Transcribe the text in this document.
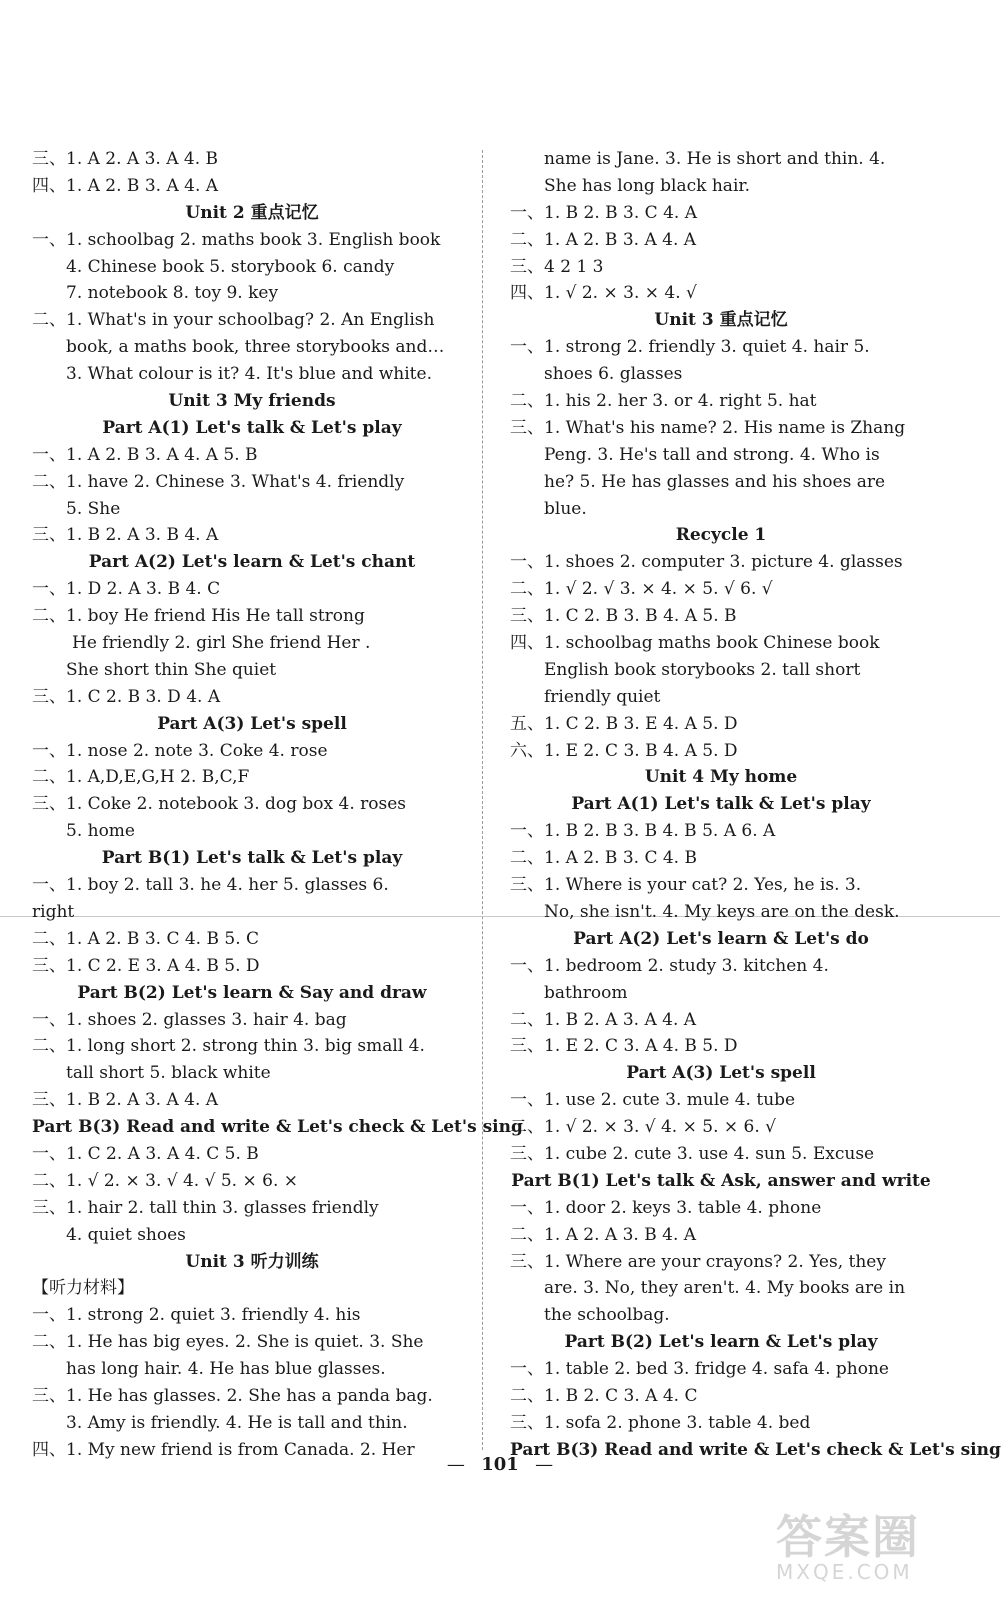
三、1. A 2. A 3. A 4. B
四、1. A 2. B 3. A 4. A
Unit 2 重点记忆
一、1. schoolbag 2. maths book 3. English book
4. Chinese book 5. storybook 6. candy
7. notebook 8. toy 9. key
二、1. What's in your schoolbag? 2. An English
book, a maths book, three storybooks and…
3. What colour is it? 4. It's blue and white.
Unit 3 My friends
Part A(1) Let's talk & Let's play
一、1. A 2. B 3. A 4. A 5. B
二、1. have 2. Chinese 3. What's 4. friendly
5. She
三、1. B 2. A 3. B 4. A
Part A(2) Let's learn & Let's chant
一、1. D 2. A 3. B 4. C
二、1. boy He friend His He tall strong
He friendly 2. girl She friend Her .
She short thin She quiet
三、1. C 2. B 3. D 4. A
Part A(3) Let's spell
一、1. nose 2. note 3. Coke 4. rose
二、1. A,D,E,G,H 2. B,C,F
三、1. Coke 2. notebook 3. dog box 4. roses
5. home
Part B(1) Let's talk & Let's play
一、1. boy 2. tall 3. he 4. her 5. glasses 6.
right
二、1. A 2. B 3. C 4. B 5. C
三、1. C 2. E 3. A 4. B 5. D
Part B(2) Let's learn & Say and draw
一、1. shoes 2. glasses 3. hair 4. bag
二、1. long short 2. strong thin 3. big small 4.
tall short 5. black white
三、1. B 2. A 3. A 4. A
Part B(3) Read and write & Let's check & Let's sing
一、1. C 2. A 3. A 4. C 5. B
二、1. √ 2. × 3. √ 4. √ 5. × 6. ×
三、1. hair 2. tall thin 3. glasses friendly
4. quiet shoes
Unit 3 听力训练
【听力材料】
一、1. strong 2. quiet 3. friendly 4. his
二、1. He has big eyes. 2. She is quiet. 3. She
has long hair. 4. He has blue glasses.
三、1. He has glasses. 2. She has a panda bag.
3. Amy is friendly. 4. He is tall and thin.
四、1. My new friend is from Canada. 2. Her
name is Jane. 3. He is short and thin. 4.
She has long black hair.
一、1. B 2. B 3. C 4. A
二、1. A 2. B 3. A 4. A
三、4 2 1 3
四、1. √ 2. × 3. × 4. √
Unit 3 重点记忆
一、1. strong 2. friendly 3. quiet 4. hair 5.
shoes 6. glasses
二、1. his 2. her 3. or 4. right 5. hat
三、1. What's his name? 2. His name is Zhang
Peng. 3. He's tall and strong. 4. Who is
he? 5. He has glasses and his shoes are
blue.
Recycle 1
一、1. shoes 2. computer 3. picture 4. glasses
二、1. √ 2. √ 3. × 4. × 5. √ 6. √
三、1. C 2. B 3. B 4. A 5. B
四、1. schoolbag maths book Chinese book
English book storybooks 2. tall short
friendly quiet
五、1. C 2. B 3. E 4. A 5. D
六、1. E 2. C 3. B 4. A 5. D
Unit 4 My home
Part A(1) Let's talk & Let's play
一、1. B 2. B 3. B 4. B 5. A 6. A
二、1. A 2. B 3. C 4. B
三、1. Where is your cat? 2. Yes, he is. 3.
No, she isn't. 4. My keys are on the desk.
Part A(2) Let's learn & Let's do
一、1. bedroom 2. study 3. kitchen 4.
bathroom
二、1. B 2. A 3. A 4. A
三、1. E 2. C 3. A 4. B 5. D
Part A(3) Let's spell
一、1. use 2. cute 3. mule 4. tube
二、1. √ 2. × 3. √ 4. × 5. × 6. √
三、1. cube 2. cute 3. use 4. sun 5. Excuse
Part B(1) Let's talk & Ask, answer and write
一、1. door 2. keys 3. table 4. phone
二、1. A 2. A 3. B 4. A
三、1. Where are your crayons? 2. Yes, they
are. 3. No, they aren't. 4. My books are in
the schoolbag.
Part B(2) Let's learn & Let's play
一、1. table 2. bed 3. fridge 4. safa 4. phone
二、1. B 2. C 3. A 4. C
三、1. sofa 2. phone 3. table 4. bed
Part B(3) Read and write & Let's check & Let's sing
— 101 —
答案圈
MXQE.COM
